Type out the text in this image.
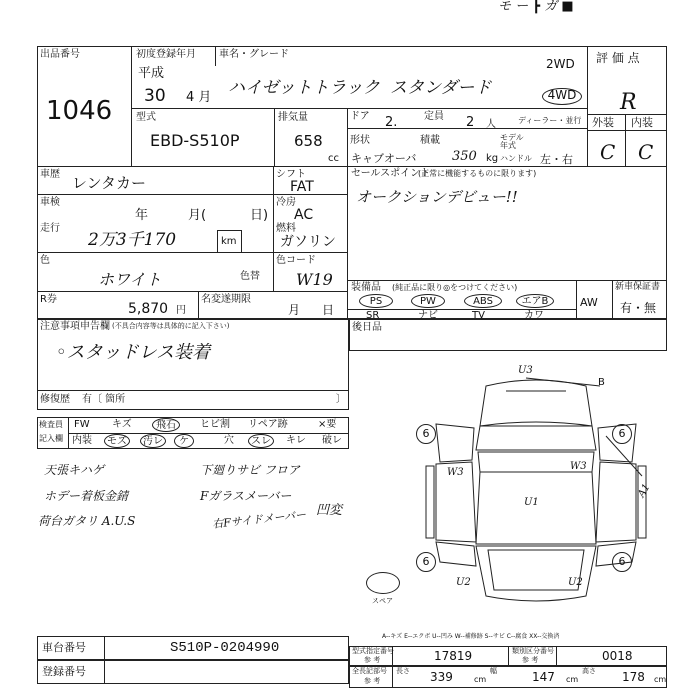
モ ー ┣ ガ ■
出品番号
1046
初度登録年月
平成
30 4 月
車名・グレード
ハイゼットトラック スタンダード
2WD
4WD
型式
EBD-S510P
排気量
658
cc
ドア 2.	定員 2 人	ディーラー・並行
形状
キャブオーバ
積載
350 kg
モデル年式
ハンドル 左・右
評 価 点
R
外装 内装
C C
車歴 レンタカー	シフト
FAT
車検
年	月(	日)
冷房
AC
走行
2万3千170	km
燃料
ガソリン
色
ホワイト	色替
色コード
W19
R券
5,870 円
名変遂期限
月 日
セールスポイント
(正常に機能するものに限ります)
オークションデビュー!!
装備品 (純正品に限り◎をつけてください)
PS	PW	ABS	エアB	AW
SR	ナビ	TV	カワ
新車保証書
有・無
注意事項申告欄 (不具合内容等は具体的に記入下さい)
◦スタッドレス装着
修復歴 有〔 箇所	〕
後日品
検査員
記入欄
FW キズ	飛石	ヒビ割 リペア跡	×要
内装	モズ	汚レ	ケ	穴	スレ	キレ 破レ
天張キハゲ
ホデー着板金錆
荷台ガタリ A.U.S
下廻りサビ フロア
Fガラスメーバー
右Fサイドメーバー 凹変
U3
B
A1
W3
W3
U1
U2	U2
6	6
6	6
スペア
A--キズ E--エクボ U--凹み W--補修跡 S--サビ C--腐食 XX--交換済
車台番号	S510P-0204990
登録番号
型式指定番号
参 考	17819	類別区分番号
参 考	0018
全長記部号
参 考
長さ 339	cm
幅	147 cm
高さ 178 cm
